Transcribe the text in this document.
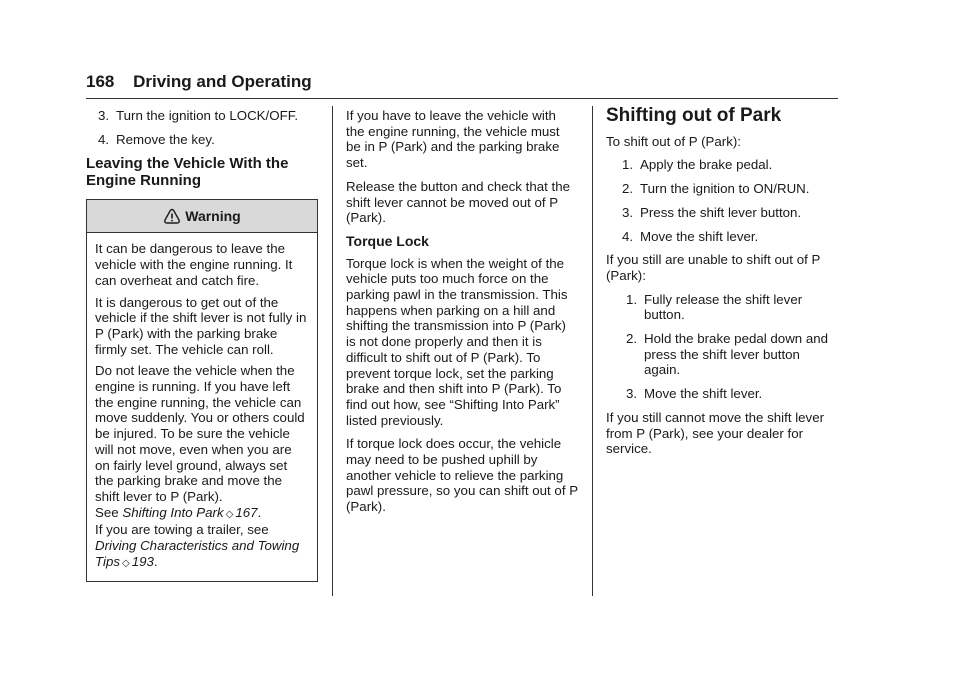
168 Driving and Operating
3. Turn the ignition to LOCK/OFF.
4. Remove the key.
Leaving the Vehicle With the Engine Running
Warning

It can be dangerous to leave the vehicle with the engine running. It can overheat and catch fire.

It is dangerous to get out of the vehicle if the shift lever is not fully in P (Park) with the parking brake firmly set. The vehicle can roll.

Do not leave the vehicle when the engine is running. If you have left the engine running, the vehicle can move suddenly. You or others could be injured. To be sure the vehicle will not move, even when you are on fairly level ground, always set the parking brake and move the shift lever to P (Park).

See Shifting Into Park ◇ 167.

If you are towing a trailer, see Driving Characteristics and Towing Tips ◇ 193.

If you have to leave the vehicle with the engine running, the vehicle must be in P (Park) and the parking brake set.

Release the button and check that the shift lever cannot be moved out of P (Park).

Torque Lock

Torque lock is when the weight of the vehicle puts too much force on the parking pawl in the transmission. This happens when parking on a hill and shifting the transmission into P (Park) is not done properly and then it is difficult to shift out of P (Park). To prevent torque lock, set the parking brake and then shift into P (Park). To find out how, see “Shifting Into Park” listed previously.

If torque lock does occur, the vehicle may need to be pushed uphill by another vehicle to relieve the parking pawl pressure, so you can shift out of P (Park).

Shifting out of Park

To shift out of P (Park):

1. Apply the brake pedal.
2. Turn the ignition to ON/RUN.
3. Press the shift lever button.
4. Move the shift lever.

If you still are unable to shift out of P (Park):

1. Fully release the shift lever button.
2. Hold the brake pedal down and press the shift lever button again.
3. Move the shift lever.

If you still cannot move the shift lever from P (Park), see your dealer for service.
